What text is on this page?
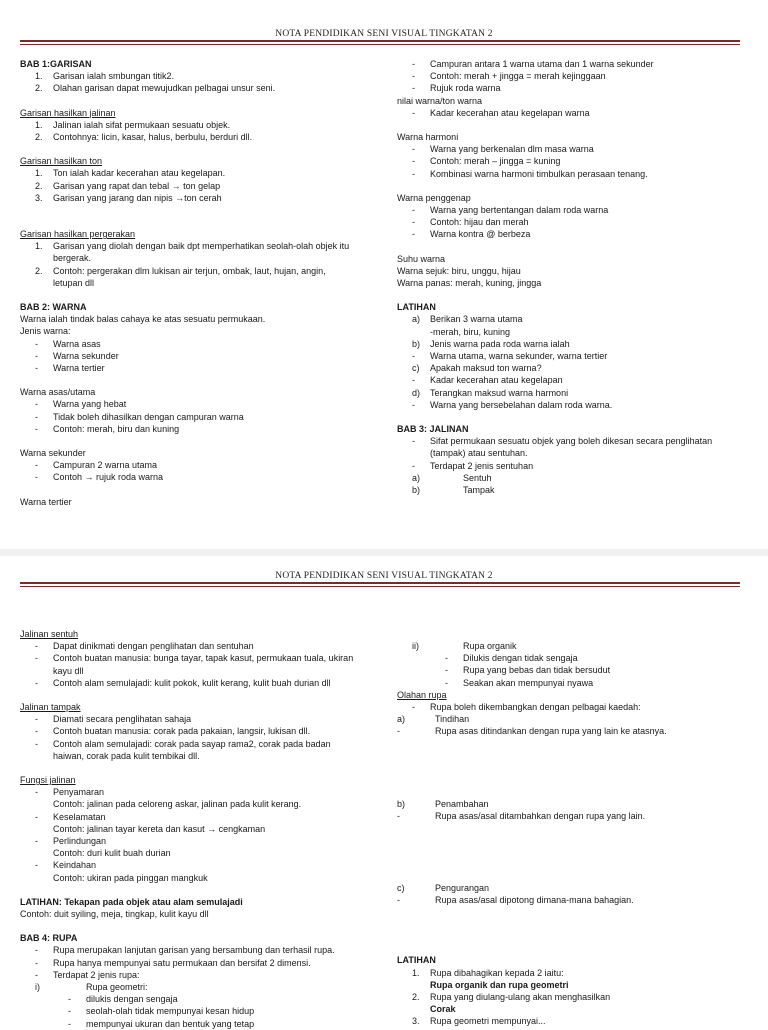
NOTA PENDIDIKAN SENI VISUAL TINGKATAN 2
BAB 1:GARISAN
1. Garisan ialah smbungan titik2.
2. Olahan garisan dapat mewujudkan pelbagai unsur seni.
Garisan hasilkan jalinan
1. Jalinan ialah sifat permukaan sesuatu objek.
2. Contohnya: licin, kasar, halus, berbulu, berduri dll.
Garisan hasilkan ton
1. Ton ialah kadar kecerahan atau kegelapan.
2. Garisan yang rapat dan tebal → ton gelap
3. Garisan yang jarang dan nipis →ton cerah
Garisan hasilkan pergerakan
1. Garisan yang diolah dengan baik dpt memperhatikan seolah-olah objek itu
bergerak.
2. Contoh: pergerakan dlm lukisan air terjun, ombak, laut, hujan, angin,
letupan dll
BAB 2: WARNA
Warna ialah tindak balas cahaya ke atas sesuatu permukaan.
Jenis warna:
- Warna asas
- Warna sekunder
- Warna tertier
Warna asas/utama
- Warna yang hebat
- Tidak boleh dihasilkan dengan campuran warna
- Contoh: merah, biru dan kuning
Warna sekunder
- Campuran 2 warna utama
- Contoh → rujuk roda warna
Warna tertier
- Campuran antara 1 warna utama dan 1 warna sekunder
- Contoh: merah + jingga = merah kejinggaan
- Rujuk roda warna
nilai warna/ton warna
- Kadar kecerahan atau kegelapan warna
Warna harmoni
- Warna yang berkenalan dlm masa warna
- Contoh: merah – jingga = kuning
- Kombinasi warna harmoni timbulkan perasaan tenang.
Warna penggenap
- Warna yang bertentangan dalam roda warna
- Contoh: hijau dan merah
- Warna kontra @ berbeza
Suhu warna
Warna sejuk: biru, unggu, hijau
Warna panas: merah, kuning, jingga
LATIHAN
a) Berikan 3 warna utama
-merah, biru, kuning
b) Jenis warna pada roda warna ialah
- Warna utama, warna sekunder, warna tertier
c) Apakah maksud ton warna?
- Kadar kecerahan atau kegelapan
d) Terangkan maksud warna harmoni
- Warna yang bersebelahan dalam roda warna.
BAB 3: JALINAN
- Sifat permukaan sesuatu objek yang boleh dikesan secara penglihatan
(tampak) atau sentuhan.
- Terdapat 2 jenis sentuhan
a)	Sentuh
b)	Tampak
NOTA PENDIDIKAN SENI VISUAL TINGKATAN 2
Jalinan sentuh
- Dapat dinikmati dengan penglihatan dan sentuhan
- Contoh buatan manusia: bunga tayar, tapak kasut, permukaan tuala, ukiran
kayu dll
- Contoh alam semulajadi: kulit pokok, kulit kerang, kulit buah durian dll
Jalinan tampak
- Diamati secara penglihatan sahaja
- Contoh buatan manusia: corak pada pakaian, langsir, lukisan dll.
- Contoh alam semulajadi: corak pada sayap rama2, corak pada badan
haiwan, corak pada kulit tembikai dll.
Fungsi jalinan
- Penyamaran
Contoh: jalinan pada celoreng askar, jalinan pada kulit kerang.
- Keselamatan
Contoh: jalinan tayar kereta dan kasut → cengkaman
- Perlindungan
Contoh: duri kulit buah durian
- Keindahan
Contoh: ukiran pada pinggan mangkuk
LATIHAN: Tekapan pada objek atau alam semulajadi
Contoh: duit syiling, meja, tingkap, kulit kayu dll
BAB 4: RUPA
- Rupa merupakan lanjutan garisan yang bersambung dan terhasil rupa.
- Rupa hanya mempunyai satu permukaan dan bersifat 2 dimensi.
- Terdapat 2 jenis rupa:
i)	Rupa geometri:
- dilukis dengan sengaja
- seolah-olah tidak mempunyai kesan hidup
- mempunyai ukuran dan bentuk yang tetap
ii)	Rupa organik
- Dilukis dengan tidak sengaja
- Rupa yang bebas dan tidak bersudut
- Seakan akan mempunyai nyawa
Olahan rupa
- Rupa boleh dikembangkan dengan pelbagai kaedah:
a)	Tindihan
-	Rupa asas ditindankan dengan rupa yang lain ke atasnya.
b)	Penambahan
-	Rupa asas/asal ditambahkan dengan rupa yang lain.
c)	Pengurangan
-	Rupa asas/asal dipotong dimana-mana bahagian.
LATIHAN
1. Rupa dibahagikan kepada 2 iaitu:
Rupa organik dan rupa geometri
2. Rupa yang diulang-ulang akan menghasilkan
Corak
3. Rupa geometri mempunyai...
